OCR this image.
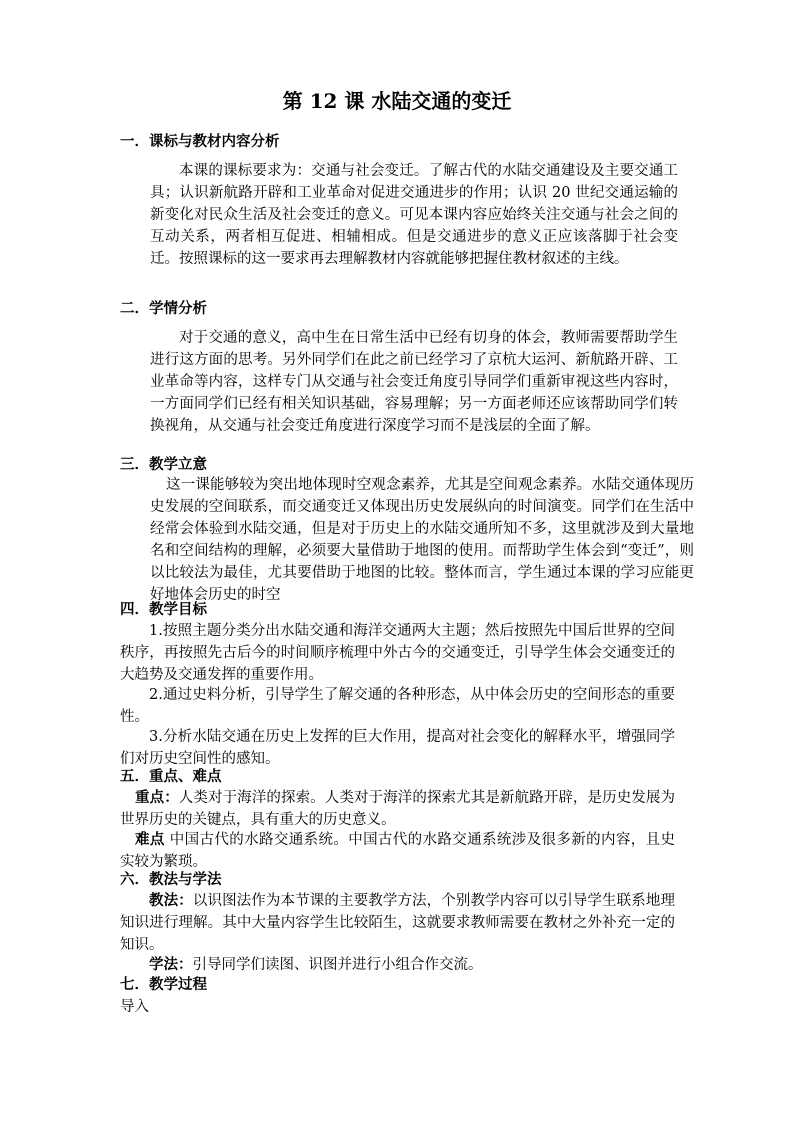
第 12 课 水陆交通的变迁
一．课标与教材内容分析
本课的课标要求为：交通与社会变迁。了解古代的水陆交通建设及主要交通工具；认识新航路开辟和工业革命对促进交通进步的作用；认识 20 世纪交通运输的新变化对民众生活及社会变迁的意义。可见本课内容应始终关注交通与社会之间的互动关系，两者相互促进、相辅相成。但是交通进步的意义正应该落脚于社会变迁。按照课标的这一要求再去理解教材内容就能够把握住教材叙述的主线。
二．学情分析
对于交通的意义，高中生在日常生活中已经有切身的体会，教师需要帮助学生进行这方面的思考。另外同学们在此之前已经学习了京杭大运河、新航路开辟、工业革命等内容，这样专门从交通与社会变迁角度引导同学们重新审视这些内容时，一方面同学们已经有相关知识基础，容易理解；另一方面老师还应该帮助同学们转换视角，从交通与社会变迁角度进行深度学习而不是浅层的全面了解。
三．教学立意
这一课能够较为突出地体现时空观念素养，尤其是空间观念素养。水陆交通体现历史发展的空间联系，而交通变迁又体现出历史发展纵向的时间演变。同学们在生活中经常会体验到水陆交通，但是对于历史上的水陆交通所知不多，这里就涉及到大量地名和空间结构的理解，必须要大量借助于地图的使用。而帮助学生体会到“变迁”，则以比较法为最佳，尤其要借助于地图的比较。整体而言，学生通过本课的学习应能更好地体会历史的时空
四．教学目标
1.按照主题分类分出水陆交通和海洋交通两大主题；然后按照先中国后世界的空间秩序，再按照先古后今的时间顺序梳理中外古今的交通变迁，引导学生体会交通变迁的大趋势及交通发挥的重要作用。
2.通过史料分析，引导学生了解交通的各种形态，从中体会历史的空间形态的重要性。
3.分析水陆交通在历史上发挥的巨大作用，提高对社会变化的解释水平，增强同学们对历史空间性的感知。
五．重点、难点
重点：人类对于海洋的探索。人类对于海洋的探索尤其是新航路开辟，是历史发展为世界历史的关键点，具有重大的历史意义。
难点 中国古代的水路交通系统。中国古代的水路交通系统涉及很多新的内容，且史实较为繁琐。
六．教法与学法
教法：以识图法作为本节课的主要教学方法，个别教学内容可以引导学生联系地理知识进行理解。其中大量内容学生比较陌生，这就要求教师需要在教材之外补充一定的知识。
学法：引导同学们读图、识图并进行小组合作交流。
七．教学过程
导入
